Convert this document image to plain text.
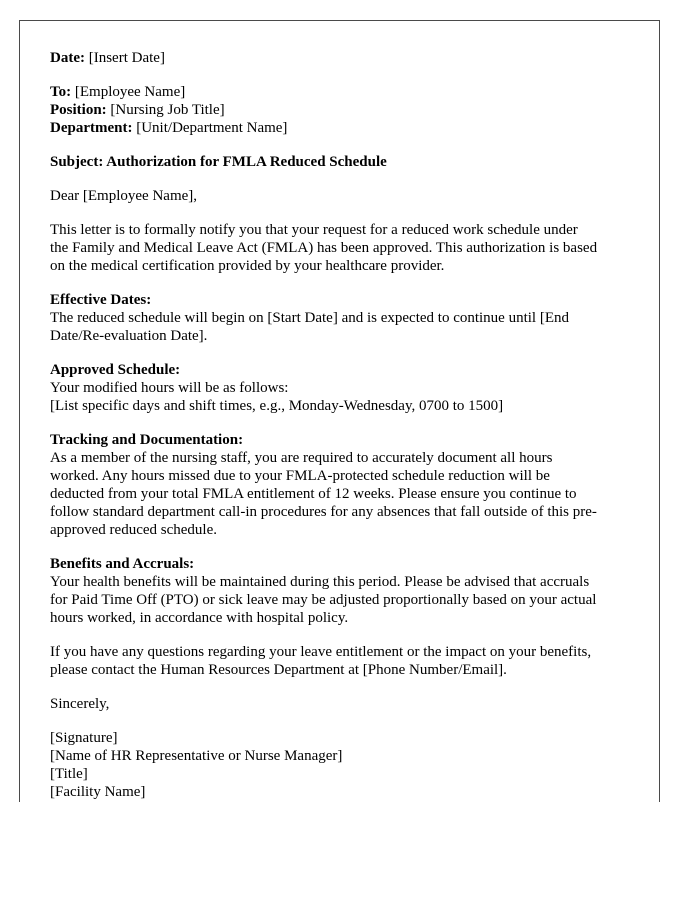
Date: [Insert Date]
To: [Employee Name]
Position: [Nursing Job Title]
Department: [Unit/Department Name]
Subject: Authorization for FMLA Reduced Schedule
Dear [Employee Name],
This letter is to formally notify you that your request for a reduced work schedule under
the Family and Medical Leave Act (FMLA) has been approved. This authorization is based
on the medical certification provided by your healthcare provider.
Effective Dates:
The reduced schedule will begin on [Start Date] and is expected to continue until [End
Date/Re-evaluation Date].
Approved Schedule:
Your modified hours will be as follows:
[List specific days and shift times, e.g., Monday-Wednesday, 0700 to 1500]
Tracking and Documentation:
As a member of the nursing staff, you are required to accurately document all hours
worked. Any hours missed due to your FMLA-protected schedule reduction will be
deducted from your total FMLA entitlement of 12 weeks. Please ensure you continue to
follow standard department call-in procedures for any absences that fall outside of this pre-
approved reduced schedule.
Benefits and Accruals:
Your health benefits will be maintained during this period. Please be advised that accruals
for Paid Time Off (PTO) or sick leave may be adjusted proportionally based on your actual
hours worked, in accordance with hospital policy.
If you have any questions regarding your leave entitlement or the impact on your benefits,
please contact the Human Resources Department at [Phone Number/Email].
Sincerely,
[Signature]
[Name of HR Representative or Nurse Manager]
[Title]
[Facility Name]
